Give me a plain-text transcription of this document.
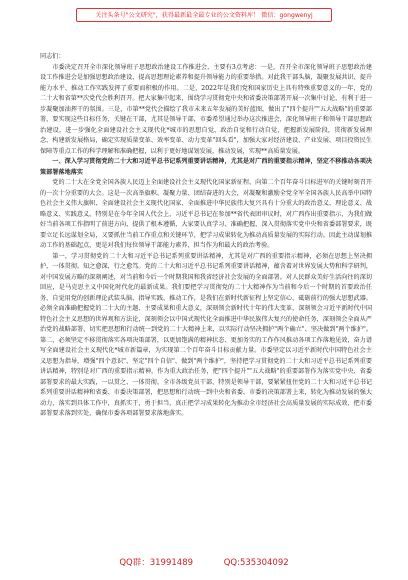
关注头条号"公文研究"，获得最新最全最专业的公文资料库！ 微信：gongwenyj

同志们：

市委决定召开全市深化领导班子思想政治建设工作推进会，主要有3点考虑：一是，召开全市深化领导班子思想政治建设工作推进会是加强思想政治建设、提高思想理论素养和提升领导能力的重要举措。对此我干部头脑，凝聚发展共识、提升能力水平、推动工作实践发挥了重要而积极的作用。二是，2022年是我们党和国家历史上具有特殊重要意义的一年，党的二十大和省第**次党代会胜利召开。把大家集中起来，围绕学习贯彻党中央和省委决策部署开展一次集中讨论，有利于进一步凝聚加油挥干的氛围。三是，市第**党代会描绘了我市未来五年发展的美好蓝图，做出了"四个提升""五大战略"的重要部署，要实现这些目标任务，关键在干部，尤其是领导干部，市委希望通过举办这次推进会，深化领导班子和领导干部思想政治建设，进一步强化全面建设社会主义现代化*城市的思想自觉、政治自觉和行动自觉，把握新发展阶段，贯彻新发展理念、构建新发展格局，确定实现质量变革、效率变革、动力变革"回头看"，加强大家对经济建设、产业发展、项目投资民生保障等重点工作的科学理解和准确把握，以利于更好地谋划发展，推动发展，实现**高质量发展。

一、深入学习贯彻党的二十大和习近平总书记系列重要讲话精神，尤其是对广西的重要指示精神，坚定不移推动各项决策部署落地落实

党的二十大在全党全国各族人民迈上全面建设社会主义现代化国家新征程、向第二个百年奋斗目标进军的关键时刻召开的一次十分重要的大会。这是一次高举旗帜、凝聚力量、团结奋进的大会，对凝聚和激励全党全军全国各族人民高举中国特色社会主义伟大旗帜、全面建设社会主义现代化国家、全面推进中华民族伟大复兴具有十分重大的政治意义、理论意义、战略意义、实践意义。特别是在今年全国人代会上，习近平总书记在参加**省代表团审议时，对广西作出重要指示，为我们做好当前各项工作指明了前进方向、提供了根本遵循，大家要认真学习、准确把握、深入贯彻落实党中央和省委部署要求，既要立足长远谋划全局，又要抓住当前工作重点和关键环节，把学习成果转化为推动高质量发展的实际行动。因此主动谋划推动工作的基础起点，更是对我们每位领导干部能力素养、担当作为和最大的政治考验。

第一，学习贯彻党的二十大和习近平总书记系列重要讲话精神，尤其是对广西的重要指示精神，必须在思想上坚决拥护、一体贯彻。知之愈深，行之愈笃。党的二十大和习近平总书记系列重要讲话精神，蕴含着对世界发展大势和科学研判，对中国发展方略的深刻阐述，对当前和今后一个时期我国和我省经济社会发展的全面部署。对人民群众美好生活向往的深切回应，是马克思主义中国化时代化的最新成果。我们要把学习贯彻党的二十大精神作为当前和今后一个时期的首要政治任务，自觉用党的创新理论武装头脑、指导实践、推动工作，是我们在新时代新征程上坚定信心、砥砺前行的强大思想武器。必须全面准确把握党的二十大的主题、主要成果和重大意义，深刻领会新时代十年的伟大变革，深刻领会习近平新时代中国特色社会主义思想的世界观和方法论，深刻领会以中国式现代化全面推进中华民族伟大复兴的使命任务，深刻领会全面从严治党的战略部署，切实把思想和行动统一到党的二十大精神上来，以实际行动坚决拥护"两个确立"、坚决做到"两个维护"。第二，必须坚定不移贯彻落实各项决策部署，以更加饱满的精神状态、更加务实的工作作风推动各项工作落地见效，奋力谱写全面建设社会主义现代化*城市新篇章，为实现第二个百年奋斗目标贡献力量。市委坚定以习近平新时代中国特色社会主义思想为指导，增强"四个意识"、坚定"四个自信"、做到"两个维护"，坚持把学习贯彻党的二十大和习近平总书记系列重要讲话精神，特别是对广西的重要指示精神，作为重大政治任务，把"四个提升""五大战略"的重要部署作为落实党中央、省委部署要求的最大实践，一以贯之、一体贯彻。全市各级党员干部，特别是领导干部，要紧紧扭住党的二十大和习近平总书记系列重要讲话精神和省委、市委决策部署，把思想和行动统一到中央和省委、市委的决策部署上来，转化为推动发展的强大动力，落实到具体工作中，真抓实干，勇于担当，真正把学习成果转化为推动全市经济社会高质量发展的实际成效，把市委部署要求落到实处，确保市委各项部署要求落地落实。

QQ群：31991489	QQ:535304092
